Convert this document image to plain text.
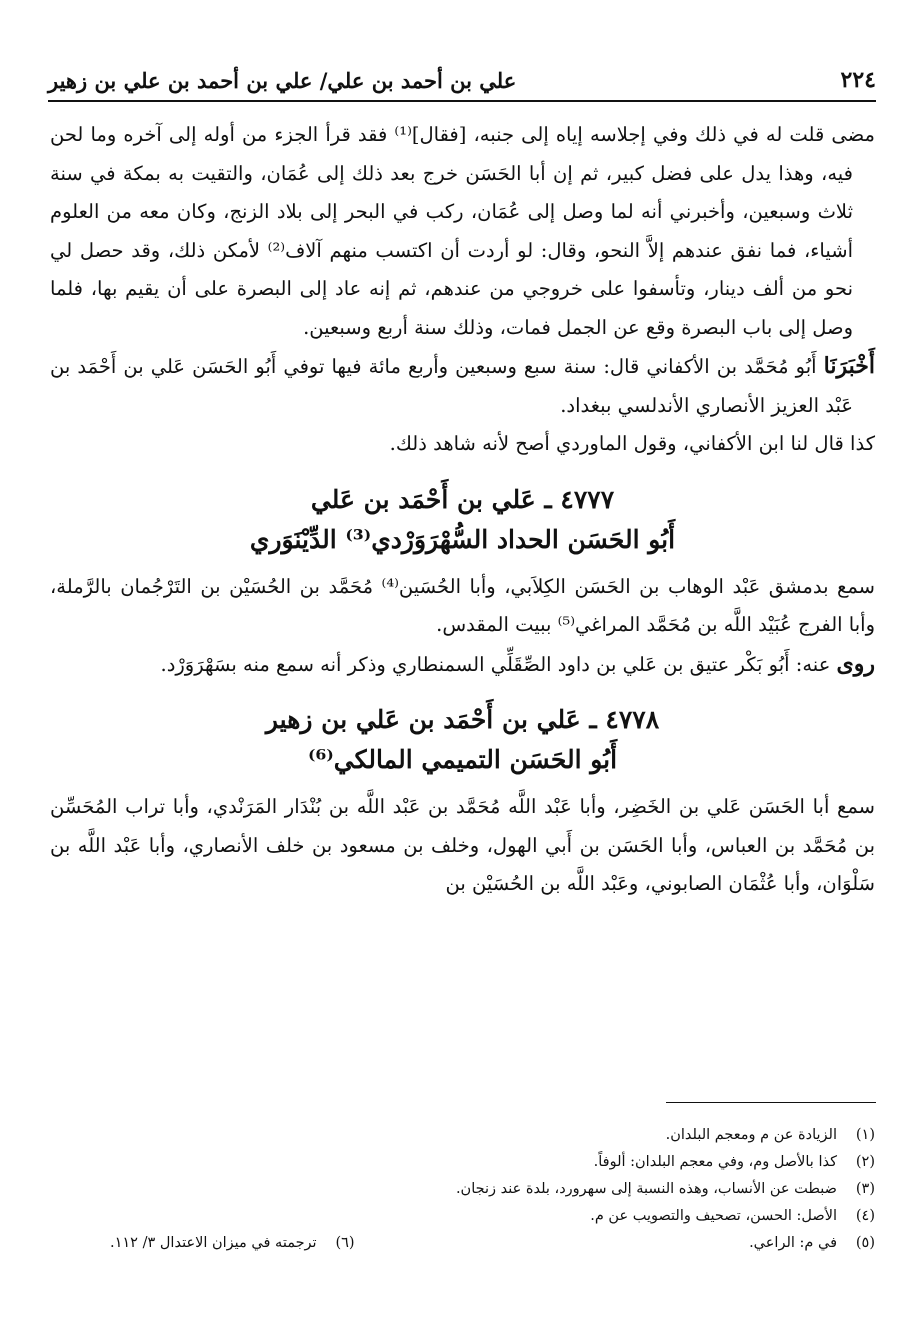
٢٢٤
علي بن أحمد بن علي/ علي بن أحمد بن علي بن زهير

مضى قلت له في ذلك وفي إجلاسه إياه إلى جنبه، [فقال]⁽¹⁾ فقد قرأ الجزء من أوله إلى آخره وما لحن فيه، وهذا يدل على فضل كبير، ثم إن أبا الحَسَن خرج بعد ذلك إلى عُمَان، والتقيت به بمكة في سنة ثلاث وسبعين، وأخبرني أنه لما وصل إلى عُمَان، ركب في البحر إلى بلاد الزنج، وكان معه من العلوم أشياء، فما نفق عندهم إلاَّ النحو، وقال: لو أردت أن اكتسب منهم آلاف⁽²⁾ لأمكن ذلك، وقد حصل لي نحو من ألف دينار، وتأسفوا على خروجي من عندهم، ثم إنه عاد إلى البصرة على أن يقيم بها، فلما وصل إلى باب البصرة وقع عن الجمل فمات، وذلك سنة أربع وسبعين.

أَخْبَرَنَا أَبُو مُحَمَّد بن الأكفاني قال: سنة سبع وسبعين وأربع مائة فيها توفي أَبُو الحَسَن عَلي بن أَحْمَد بن عَبْد العزيز الأنصاري الأندلسي ببغداد.

كذا قال لنا ابن الأكفاني، وقول الماوردي أصح لأنه شاهد ذلك.

٤٧٧٧ ـ عَلي بن أَحْمَد بن عَلي
أَبُو الحَسَن الحداد السُّهْرَوَرْدي⁽³⁾ الدِّيْنَوَري

سمع بدمشق عَبْد الوهاب بن الحَسَن الكِلاَبي، وأبا الحُسَين⁽⁴⁾ مُحَمَّد بن الحُسَيْن بن التَرْجُمان بالرَّملة، وأبا الفرج عُبَيْد اللَّه بن مُحَمَّد المراغي⁽⁵⁾ ببيت المقدس.

روى عنه: أَبُو بَكْر عتيق بن عَلي بن داود الصِّقَلِّي السمنطاري وذكر أنه سمع منه بسَهْرَوَرْد.

٤٧٧٨ ـ عَلي بن أَحْمَد بن عَلي بن زهير
أَبُو الحَسَن التميمي المالكي⁽⁶⁾

سمع أبا الحَسَن عَلي بن الخَضِر، وأبا عَبْد اللَّه مُحَمَّد بن عَبْد اللَّه بن بُنْدَار المَرَنْدي، وأبا تراب المُحَسِّن بن مُحَمَّد بن العباس، وأبا الحَسَن بن أَبي الهول، وخلف بن مسعود بن خلف الأنصاري، وأبا عَبْد اللَّه بن سَلْوَان، وأبا عُثْمَان الصابوني، وعَبْد اللَّه بن الحُسَيْن بن

(١)
الزيادة عن م ومعجم البلدان.
(٢)
كذا بالأصل وم، وفي معجم البلدان: ألوفاً.
(٣)
ضبطت عن الأنساب، وهذه النسبة إلى سهرورد، بلدة عند زنجان.
(٤)
الأصل: الحسن، تصحيف والتصويب عن م.
(٥)
في م: الراعي.
(٦)
ترجمته في ميزان الاعتدال ٣/ ١١٢.
